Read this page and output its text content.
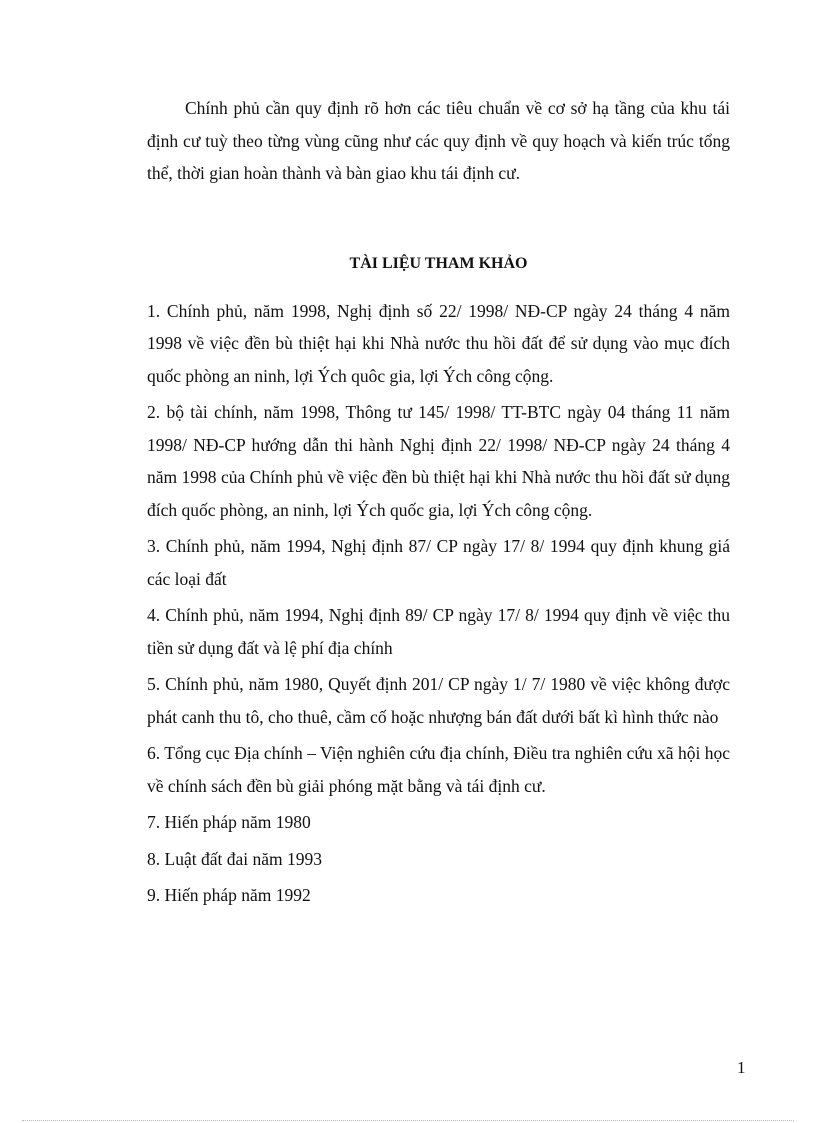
Chính phủ cần quy định rõ hơn các tiêu chuẩn về cơ sở hạ tầng của khu tái định cư tuỳ theo từng vùng cũng như các quy định về quy hoạch và kiến trúc tổng thể, thời gian hoàn thành và bàn giao khu tái định cư.

TÀI LIỆU THAM KHẢO
1. Chính phủ, năm 1998, Nghị định số 22/ 1998/ NĐ-CP ngày 24 tháng 4 năm 1998 về việc đền bù thiệt hại khi Nhà nước thu hồi đất để sử dụng vào mục đích quốc phòng an ninh, lợi Ých quôc gia, lợi Ých công cộng.
2. bộ tài chính, năm 1998, Thông tư 145/ 1998/ TT-BTC ngày 04 tháng 11 năm 1998/ NĐ-CP hướng dẫn thi hành Nghị định 22/ 1998/ NĐ-CP ngày 24 tháng 4 năm 1998 của Chính phủ về việc đền bù thiệt hại khi Nhà nước thu hồi đất sử dụng đích quốc phòng, an ninh, lợi Ých quốc gia, lợi Ých công cộng.
3. Chính phủ, năm 1994, Nghị định 87/ CP ngày 17/ 8/ 1994 quy định khung giá các loại đất
4. Chính phủ, năm 1994, Nghị định 89/ CP ngày 17/ 8/ 1994 quy định về việc thu tiền sử dụng đất và lệ phí địa chính
5. Chính phủ, năm 1980, Quyết định 201/ CP ngày 1/ 7/ 1980 về việc không được phát canh thu tô, cho thuê, cầm cố hoặc nhượng bán đất dưới bất kì hình thức nào
6. Tổng cục Địa chính – Viện nghiên cứu địa chính, Điều tra nghiên cứu xã hội học về chính sách đền bù giải phóng mặt bằng và tái định cư.
7. Hiến pháp năm 1980
8. Luật đất đai năm 1993
9. Hiến pháp năm 1992
1
